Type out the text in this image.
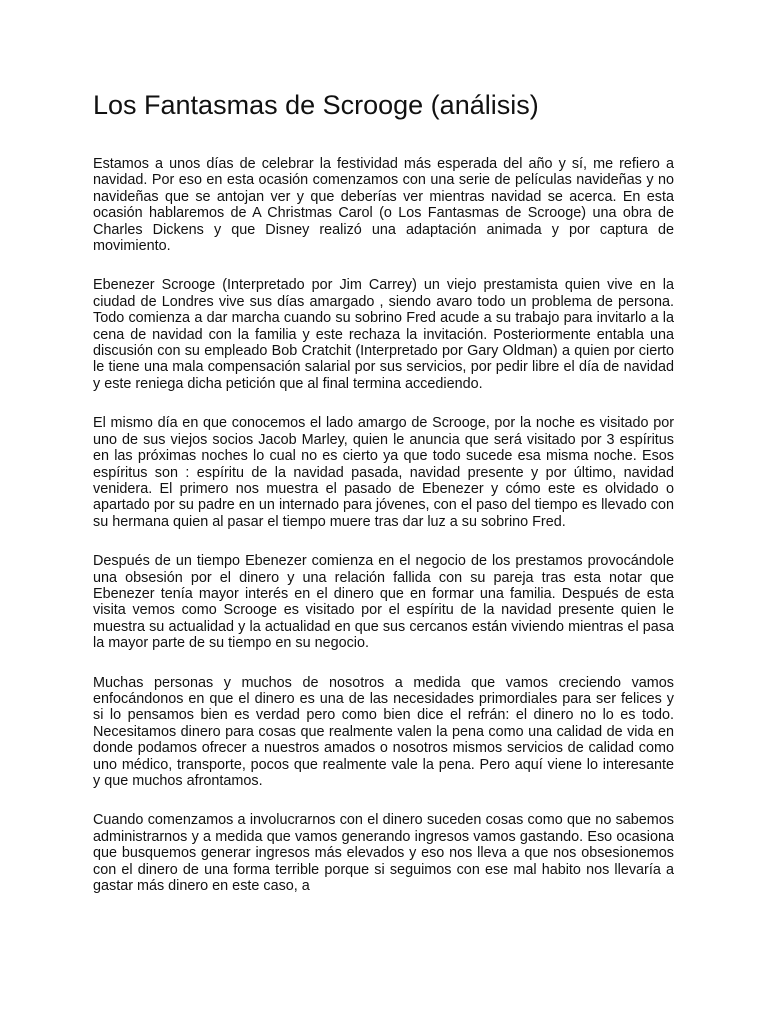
Los Fantasmas de Scrooge (análisis)

Estamos a unos días de celebrar la festividad más esperada del año y sí, me refiero a navidad. Por eso en esta ocasión comenzamos con una serie de películas navideñas y no navideñas que se antojan ver y que deberías ver mientras navidad se acerca. En esta ocasión hablaremos de A Christmas Carol (o Los Fantasmas de Scrooge) una obra de Charles Dickens y que Disney realizó una adaptación animada y por captura de movimiento.

Ebenezer Scrooge (Interpretado por Jim Carrey) un viejo prestamista quien vive en la ciudad de Londres vive sus días amargado , siendo avaro todo un problema de persona. Todo comienza a dar marcha cuando su sobrino Fred acude a su trabajo para invitarlo a la cena de navidad con la familia y este rechaza la invitación. Posteriormente entabla una discusión con su empleado Bob Cratchit (Interpretado por Gary Oldman) a quien por cierto le tiene una mala compensación salarial por sus servicios, por pedir libre el día de navidad y este reniega dicha petición que al final termina accediendo.

El mismo día en que conocemos el lado amargo de Scrooge, por la noche es visitado por uno de sus viejos socios Jacob Marley, quien le anuncia que será visitado por 3 espíritus en las próximas noches lo cual no es cierto ya que todo sucede esa misma noche. Esos espíritus son : espíritu de la navidad pasada, navidad presente y por último, navidad venidera. El primero nos muestra el pasado de Ebenezer y cómo este es olvidado o apartado por su padre en un internado para jóvenes, con el paso del tiempo es llevado con su hermana quien al pasar el tiempo muere tras dar luz a su sobrino Fred.

Después de un tiempo Ebenezer comienza en el negocio de los prestamos provocándole una obsesión por el dinero y una relación fallida con su pareja tras esta notar que Ebenezer tenía mayor interés en el dinero que en formar una familia. Después de esta visita vemos como Scrooge es visitado por el espíritu de la navidad presente quien le muestra su actualidad y la actualidad en que sus cercanos están viviendo mientras el pasa la mayor parte de su tiempo en su negocio.

Muchas personas y muchos de nosotros a medida que vamos creciendo vamos enfocándonos en que el dinero es una de las necesidades primordiales para ser felices y si lo pensamos bien es verdad pero como bien dice el refrán: el dinero no lo es todo. Necesitamos dinero para cosas que realmente valen la pena como una calidad de vida en donde podamos ofrecer a nuestros amados o nosotros mismos servicios de calidad como uno médico, transporte, pocos que realmente vale la pena. Pero aquí viene lo interesante y que muchos afrontamos.

Cuando comenzamos a involucrarnos con el dinero suceden cosas como que no sabemos administrarnos y a medida que vamos generando ingresos vamos gastando. Eso ocasiona que busquemos generar ingresos más elevados y eso nos lleva a que nos obsesionemos con el dinero de una forma terrible porque si seguimos con ese mal habito nos llevaría a gastar más dinero en este caso, a
